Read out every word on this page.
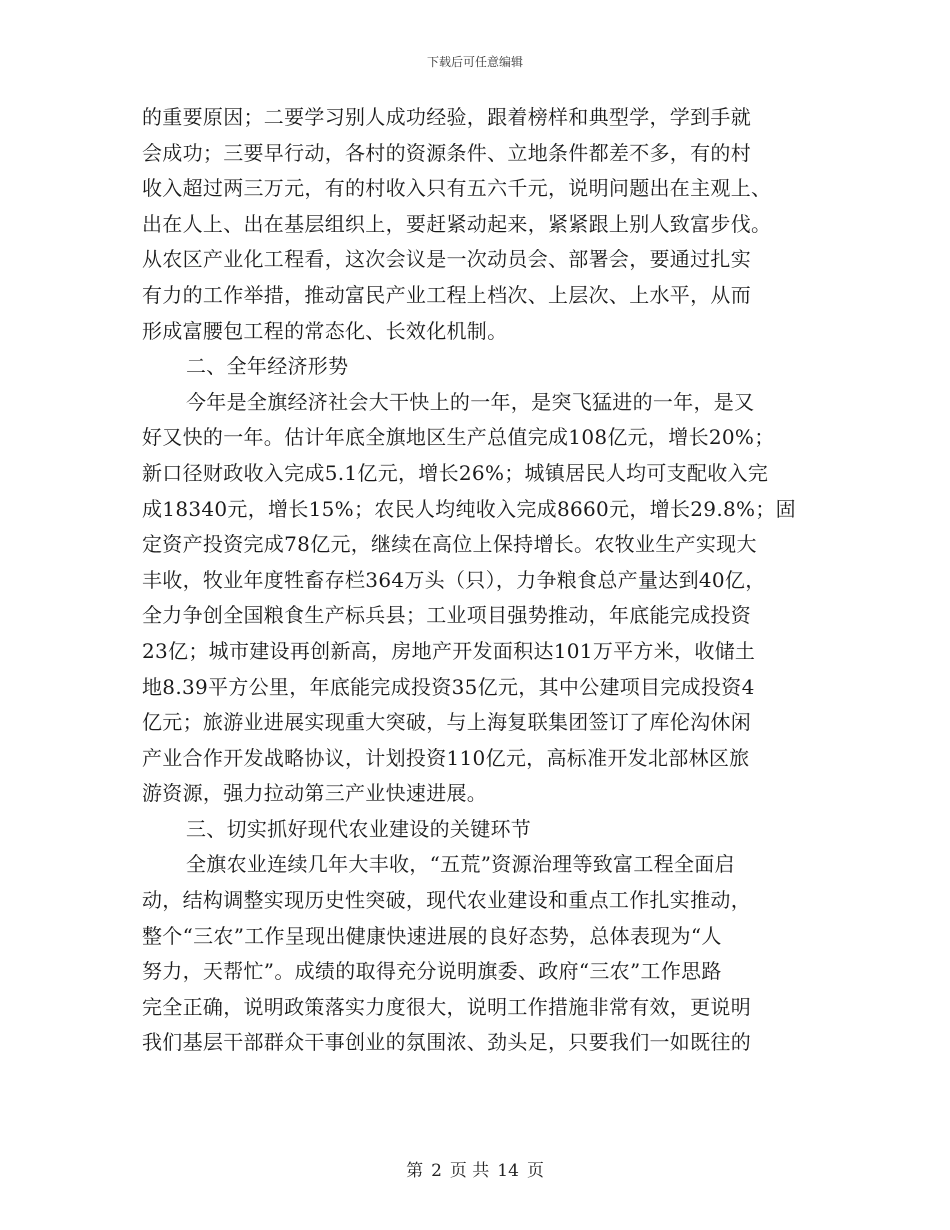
下载后可任意编辑
的重要原因；二要学习别人成功经验，跟着榜样和典型学，学到手就
会成功；三要早行动，各村的资源条件、立地条件都差不多，有的村
收入超过两三万元，有的村收入只有五六千元，说明问题出在主观上、
出在人上、出在基层组织上，要赶紧动起来，紧紧跟上别人致富步伐。
从农区产业化工程看，这次会议是一次动员会、部署会，要通过扎实
有力的工作举措，推动富民产业工程上档次、上层次、上水平，从而
形成富腰包工程的常态化、长效化机制。
二、全年经济形势
今年是全旗经济社会大干快上的一年，是突飞猛进的一年，是又
好又快的一年。估计年底全旗地区生产总值完成108亿元，增长20%；
新口径财政收入完成5.1亿元，增长26%；城镇居民人均可支配收入完
成18340元，增长15%；农民人均纯收入完成8660元，增长29.8%；固
定资产投资完成78亿元，继续在高位上保持增长。农牧业生产实现大
丰收，牧业年度牲畜存栏364万头（只），力争粮食总产量达到40亿，
全力争创全国粮食生产标兵县；工业项目强势推动，年底能完成投资
23亿；城市建设再创新高，房地产开发面积达101万平方米，收储土
地8.39平方公里，年底能完成投资35亿元，其中公建项目完成投资4
亿元；旅游业进展实现重大突破，与上海复联集团签订了库伦沟休闲
产业合作开发战略协议，计划投资110亿元，高标准开发北部林区旅
游资源，强力拉动第三产业快速进展。
三、切实抓好现代农业建设的关键环节
全旗农业连续几年大丰收，“五荒”资源治理等致富工程全面启
动，结构调整实现历史性突破，现代农业建设和重点工作扎实推动，
整个“三农”工作呈现出健康快速进展的良好态势，总体表现为“人
努力，天帮忙”。成绩的取得充分说明旗委、政府“三农”工作思路
完全正确，说明政策落实力度很大，说明工作措施非常有效，更说明
我们基层干部群众干事创业的氛围浓、劲头足，只要我们一如既往的
第 2 页 共 14 页
